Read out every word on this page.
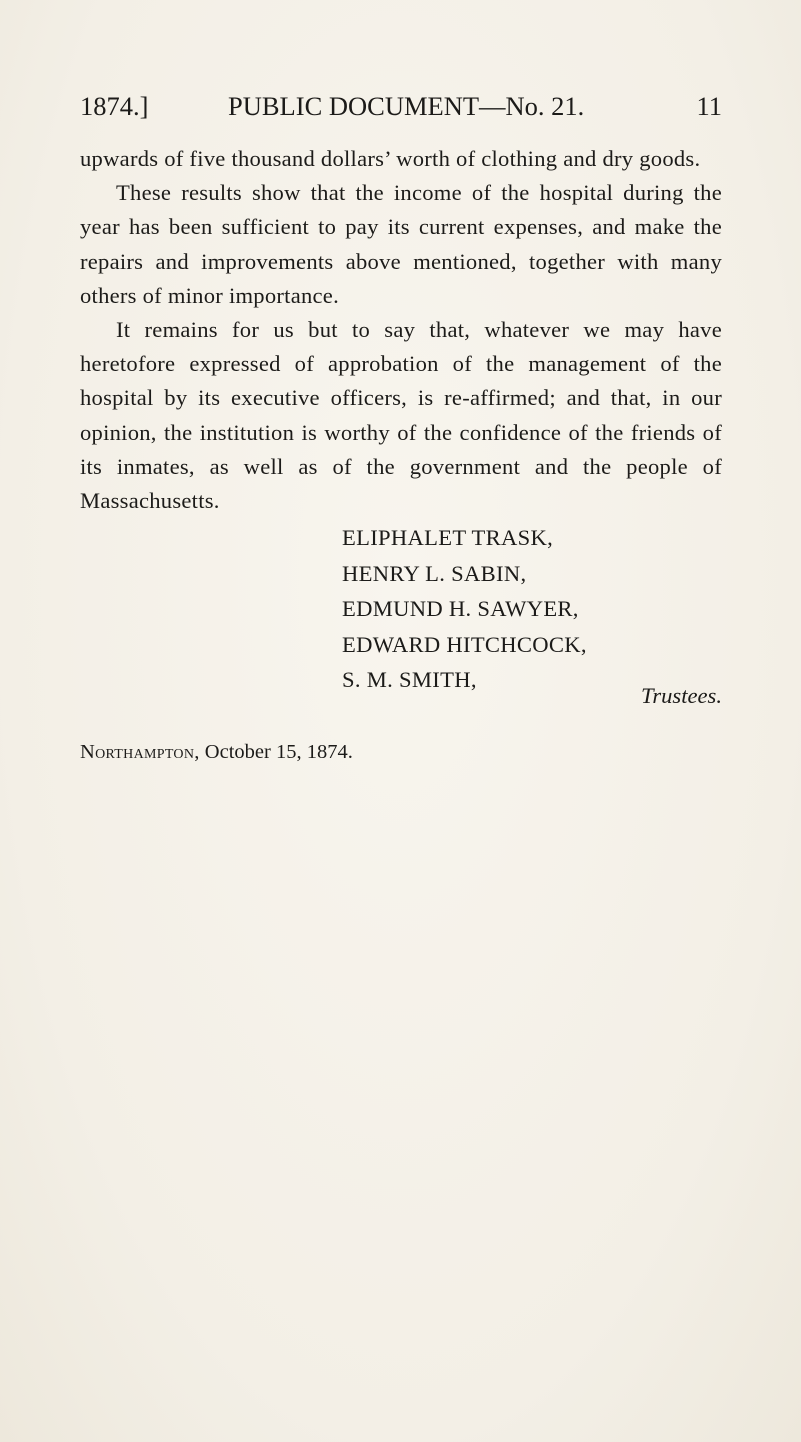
1874.]	PUBLIC DOCUMENT—No. 21.	11

upwards of five thousand dollars’ worth of clothing and dry goods.

These results show that the income of the hospital during the year has been sufficient to pay its current expenses, and make the repairs and improvements above mentioned, together with many others of minor importance.

It remains for us but to say that, whatever we may have heretofore expressed of approbation of the management of the hospital by its executive officers, is re-affirmed; and that, in our opinion, the institution is worthy of the confidence of the friends of its inmates, as well as of the government and the people of Massachusetts.

ELIPHALET TRASK,
HENRY L. SABIN,
EDMUND H. SAWYER,
EDWARD HITCHCOCK,
S. M. SMITH,
Trustees.
Northampton, October 15, 1874.
